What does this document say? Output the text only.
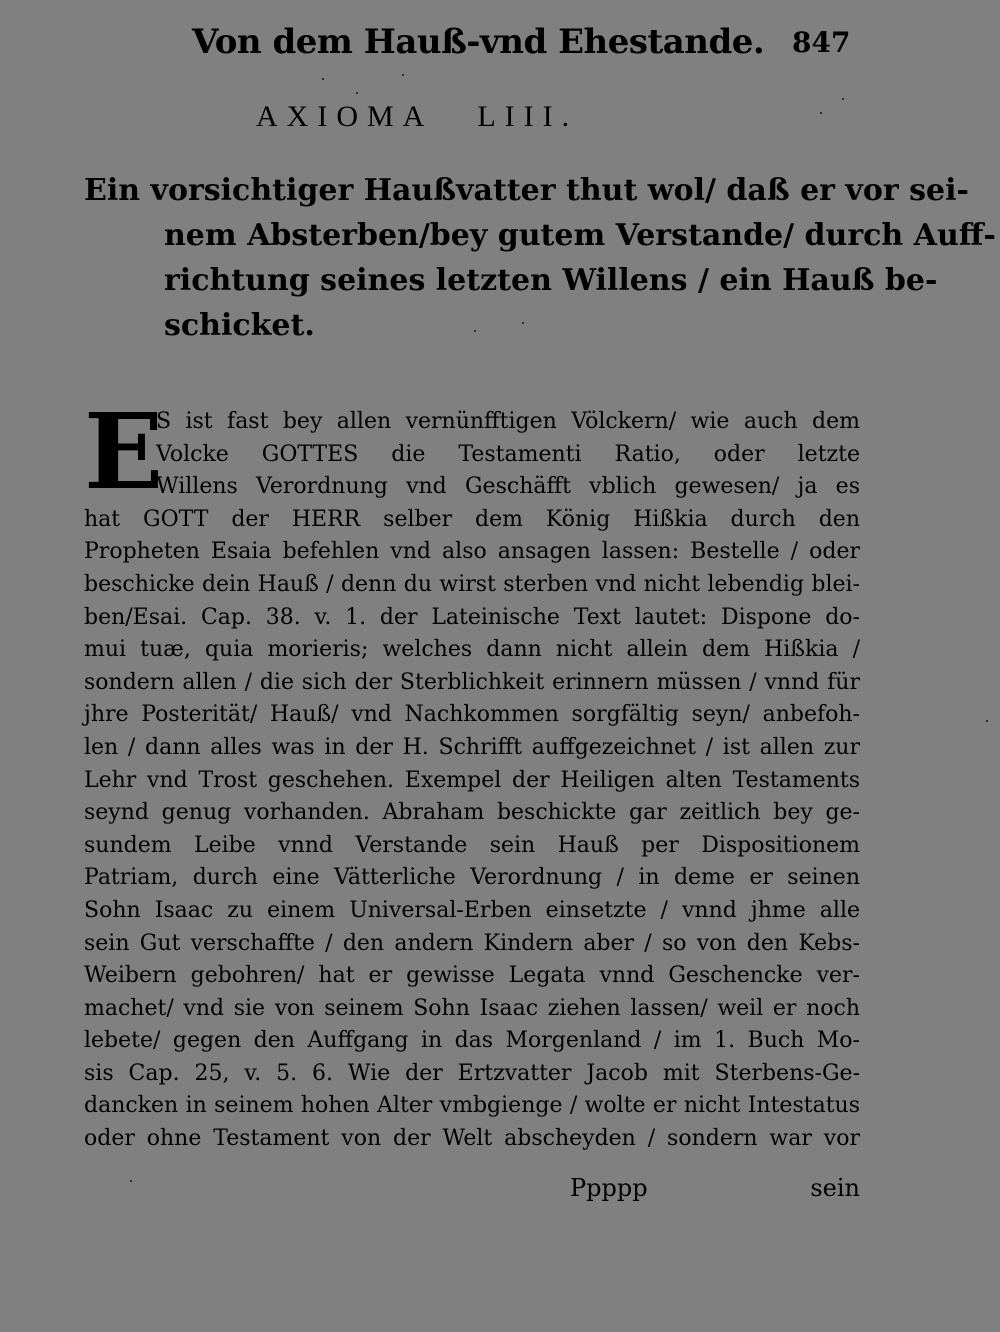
Von dem Hauß-vnd Ehestande. 847
AXIOMA LIII.
Ein vorsichtiger Haußvatter thut wol/ daß er vor sei-
nem Absterben/bey gutem Verstande/ durch Auff-
richtung seines letzten Willens / ein Hauß be-
schicket.
E
S ist fast bey allen vernünfftigen Völckern/ wie auch dem
Volcke GOTTES die Testamenti Ratio, oder letzte
Willens Verordnung vnd Geschäfft vblich gewesen/ ja es
hat GOTT der HERR selber dem König Hißkia durch den
Propheten Esaia befehlen vnd also ansagen lassen: Bestelle / oder
beschicke dein Hauß / denn du wirst sterben vnd nicht lebendig blei-
ben/Esai. Cap. 38. v. 1. der Lateinische Text lautet: Dispone do-
mui tuæ, quia morieris; welches dann nicht allein dem Hißkia /
sondern allen / die sich der Sterblichkeit erinnern müssen / vnnd für
jhre Posterität/ Hauß/ vnd Nachkommen sorgfältig seyn/ anbefoh-
len / dann alles was in der H. Schrifft auffgezeichnet / ist allen zur
Lehr vnd Trost geschehen. Exempel der Heiligen alten Testaments
seynd genug vorhanden. Abraham beschickte gar zeitlich bey ge-
sundem Leibe vnnd Verstande sein Hauß per Dispositionem
Patriam, durch eine Vätterliche Verordnung / in deme er seinen
Sohn Isaac zu einem Universal-Erben einsetzte / vnnd jhme alle
sein Gut verschaffte / den andern Kindern aber / so von den Kebs-
Weibern gebohren/ hat er gewisse Legata vnnd Geschencke ver-
machet/ vnd sie von seinem Sohn Isaac ziehen lassen/ weil er noch
lebete/ gegen den Auffgang in das Morgenland / im 1. Buch Mo-
sis Cap. 25, v. 5. 6. Wie der Ertzvatter Jacob mit Sterbens-Ge-
dancken in seinem hohen Alter vmbgienge / wolte er nicht Intestatus
oder ohne Testament von der Welt abscheyden / sondern war vor
Ppppp	sein
